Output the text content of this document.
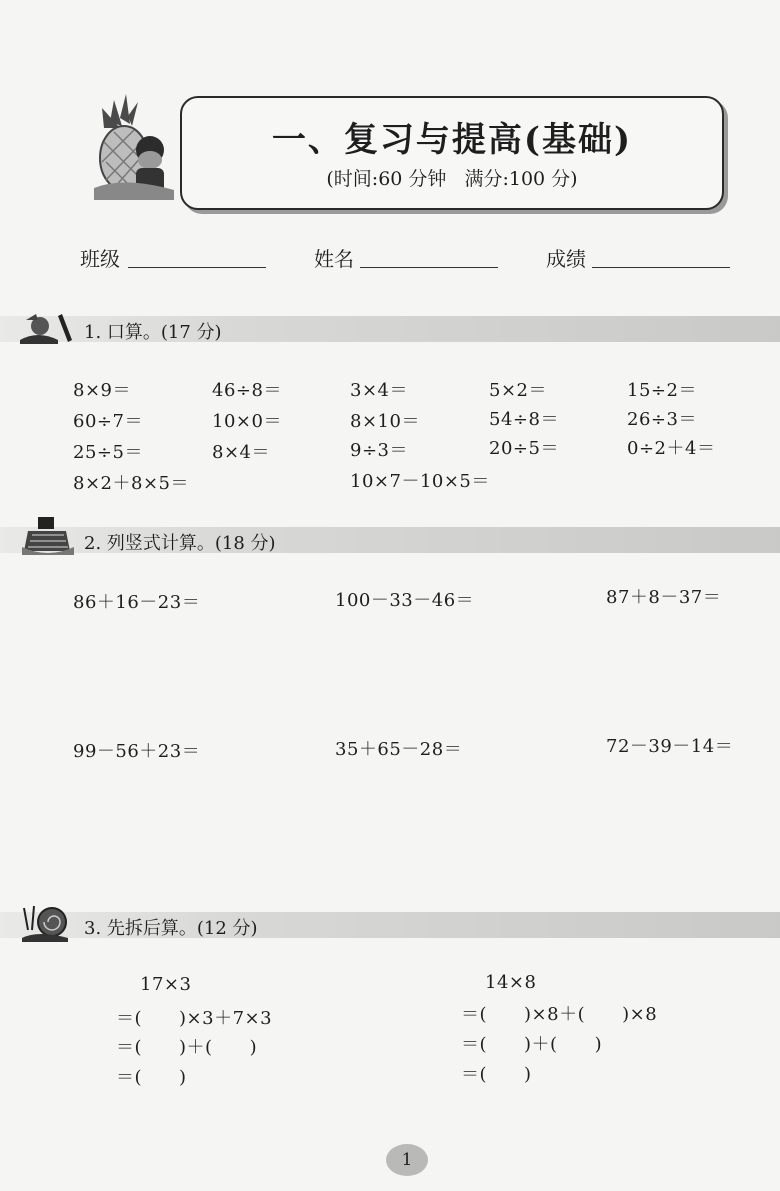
一、复习与提高(基础)
(时间:60 分钟 满分:100 分)
班级	姓名	成绩
1. 口算。(17 分)
8×9＝	46÷8＝	3×4＝	5×2＝	15÷2＝
60÷7＝	10×0＝	8×10＝	54÷8＝	26÷3＝
25÷5＝	8×4＝	9÷3＝	20÷5＝	0÷2＋4＝
8×2＋8×5＝	10×7－10×5＝
2. 列竖式计算。(18 分)
86＋16－23＝	100－33－46＝	87＋8－37＝
99－56＋23＝	35＋65－28＝	72－39－14＝
3. 先拆后算。(12 分)
17×3
＝(　　)×3＋7×3
＝(　　)＋(　　)
＝(　　)
14×8
＝(　　)×8＋(　　)×8
＝(　　)＋(　　)
＝(　　)
1
